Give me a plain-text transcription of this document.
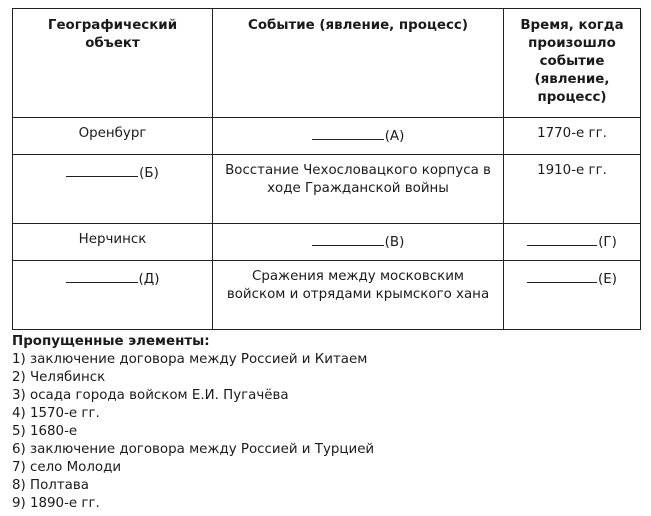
Географический объект	Событие (явление, процесс)	Время, когда произошло событие (явление, процесс)
Оренбург	(А)	1770-е гг.
(Б)	Восстание Чехословацкого корпуса в ходе Гражданской войны	1910-е гг.
Нерчинск	(В)	(Г)
(Д)	Сражения между московским войском и отрядами крымского хана	(Е)
Пропущенные элементы:
1) заключение договора между Россией и Китаем
2) Челябинск
3) осада города войском Е.И. Пугачёва
4) 1570-е гг.
5) 1680-е
6) заключение договора между Россией и Турцией
7) село Молоди
8) Полтава
9) 1890-е гг.
